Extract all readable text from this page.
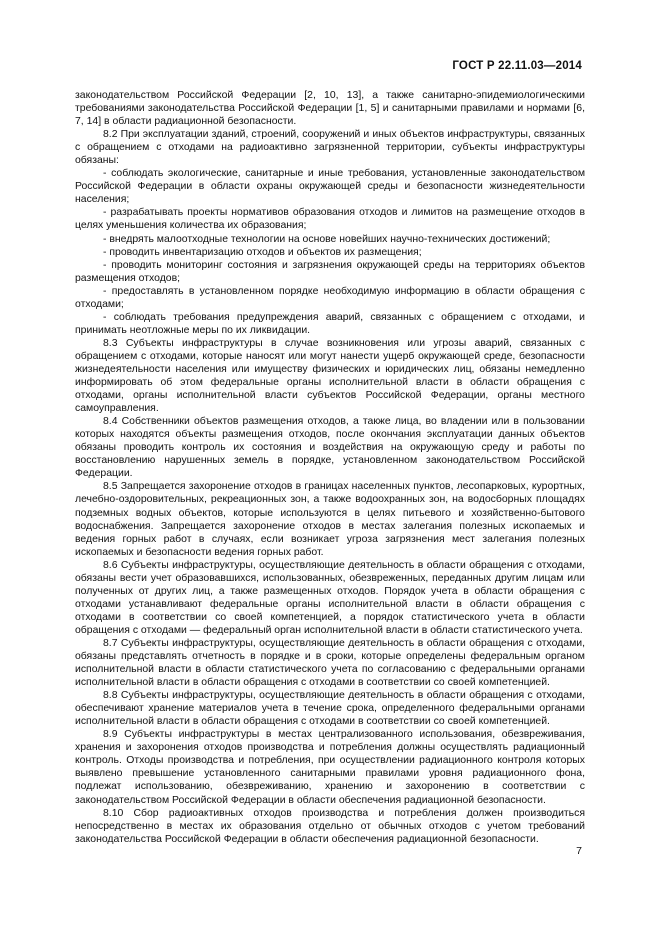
ГОСТ Р 22.11.03—2014

законодательством Российской Федерации [2, 10, 13], а также санитарно-эпидемиологическими требованиями законодательства Российской Федерации [1, 5] и санитарными правилами и нормами [6, 7, 14] в области радиационной безопасности.

8.2 При эксплуатации зданий, строений, сооружений и иных объектов инфраструктуры, связанных с обращением с отходами на радиоактивно загрязненной территории, субъекты инфраструктуры обязаны:

- соблюдать экологические, санитарные и иные требования, установленные законодательством Российской Федерации в области охраны окружающей среды и безопасности жизнедеятельности населения;

- разрабатывать проекты нормативов образования отходов и лимитов на размещение отходов в целях уменьшения количества их образования;

- внедрять малоотходные технологии на основе новейших научно-технических достижений;

- проводить инвентаризацию отходов и объектов их размещения;

- проводить мониторинг состояния и загрязнения окружающей среды на территориях объектов размещения отходов;

- предоставлять в установленном порядке необходимую информацию в области обращения с отходами;

- соблюдать требования предупреждения аварий, связанных с обращением с отходами, и принимать неотложные меры по их ликвидации.

8.3 Субъекты инфраструктуры в случае возникновения или угрозы аварий, связанных с обращением с отходами, которые наносят или могут нанести ущерб окружающей среде, безопасности жизнедеятельности населения или имуществу физических и юридических лиц, обязаны немедленно информировать об этом федеральные органы исполнительной власти в области обращения с отходами, органы исполнительной власти субъектов Российской Федерации, органы местного самоуправления.

8.4 Собственники объектов размещения отходов, а также лица, во владении или в пользовании которых находятся объекты размещения отходов, после окончания эксплуатации данных объектов обязаны проводить контроль их состояния и воздействия на окружающую среду и работы по восстановлению нарушенных земель в порядке, установленном законодательством Российской Федерации.

8.5 Запрещается захоронение отходов в границах населенных пунктов, лесопарковых, курортных, лечебно-оздоровительных, рекреационных зон, а также водоохранных зон, на водосборных площадях подземных водных объектов, которые используются в целях питьевого и хозяйственно-бытового водоснабжения. Запрещается захоронение отходов в местах залегания полезных ископаемых и ведения горных работ в случаях, если возникает угроза загрязнения мест залегания полезных ископаемых и безопасности ведения горных работ.

8.6 Субъекты инфраструктуры, осуществляющие деятельность в области обращения с отходами, обязаны вести учет образовавшихся, использованных, обезвреженных, переданных другим лицам или полученных от других лиц, а также размещенных отходов. Порядок учета в области обращения с отходами устанавливают федеральные органы исполнительной власти в области обращения с отходами в соответствии со своей компетенцией, а порядок статистического учета в области обращения с отходами — федеральный орган исполнительной власти в области статистического учета.

8.7 Субъекты инфраструктуры, осуществляющие деятельность в области обращения с отходами, обязаны представлять отчетность в порядке и в сроки, которые определены федеральным органом исполнительной власти в области статистического учета по согласованию с федеральными органами исполнительной власти в области обращения с отходами в соответствии со своей компетенцией.

8.8 Субъекты инфраструктуры, осуществляющие деятельность в области обращения с отходами, обеспечивают хранение материалов учета в течение срока, определенного федеральными органами исполнительной власти в области обращения с отходами в соответствии со своей компетенцией.

8.9 Субъекты инфраструктуры в местах централизованного использования, обезвреживания, хранения и захоронения отходов производства и потребления должны осуществлять радиационный контроль. Отходы производства и потребления, при осуществлении радиационного контроля которых выявлено превышение установленного санитарными правилами уровня радиационного фона, подлежат использованию, обезвреживанию, хранению и захоронению в соответствии с законодательством Российской Федерации в области обеспечения радиационной безопасности.

8.10 Сбор радиоактивных отходов производства и потребления должен производиться непосредственно в местах их образования отдельно от обычных отходов с учетом требований законодательства Российской Федерации в области обеспечения радиационной безопасности.

7
